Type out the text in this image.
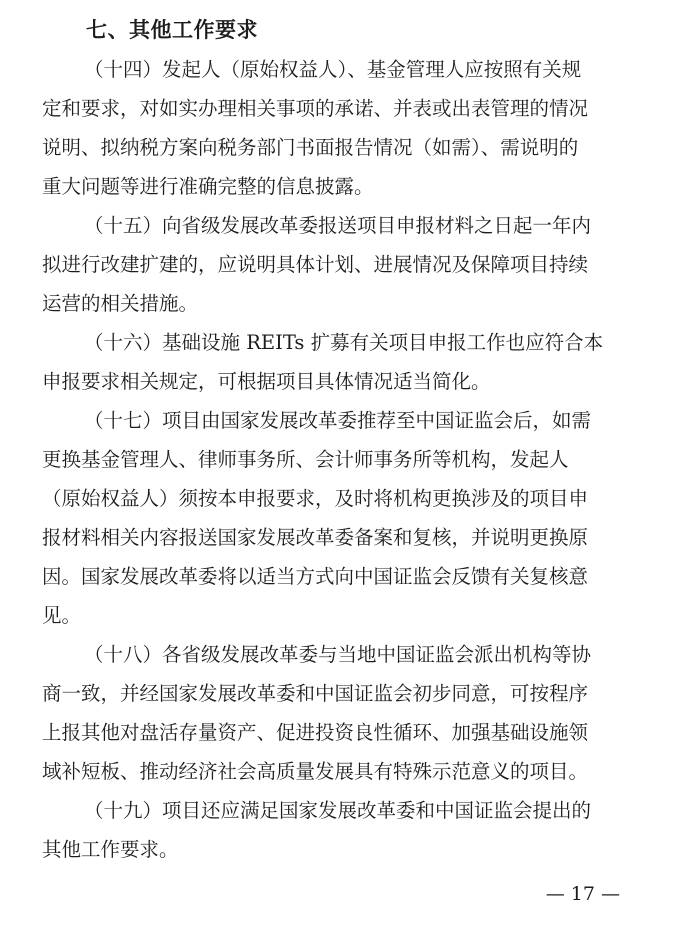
七、其他工作要求
（十四）发起人（原始权益人）、基金管理人应按照有关规
定和要求，对如实办理相关事项的承诺、并表或出表管理的情况
说明、拟纳税方案向税务部门书面报告情况（如需）、需说明的
重大问题等进行准确完整的信息披露。
（十五）向省级发展改革委报送项目申报材料之日起一年内
拟进行改建扩建的，应说明具体计划、进展情况及保障项目持续
运营的相关措施。
（十六）基础设施 REITs 扩募有关项目申报工作也应符合本
申报要求相关规定，可根据项目具体情况适当简化。
（十七）项目由国家发展改革委推荐至中国证监会后，如需
更换基金管理人、律师事务所、会计师事务所等机构，发起人
（原始权益人）须按本申报要求，及时将机构更换涉及的项目申
报材料相关内容报送国家发展改革委备案和复核，并说明更换原
因。国家发展改革委将以适当方式向中国证监会反馈有关复核意
见。
（十八）各省级发展改革委与当地中国证监会派出机构等协
商一致，并经国家发展改革委和中国证监会初步同意，可按程序
上报其他对盘活存量资产、促进投资良性循环、加强基础设施领
域补短板、推动经济社会高质量发展具有特殊示范意义的项目。
（十九）项目还应满足国家发展改革委和中国证监会提出的
其他工作要求。
— 17 —
